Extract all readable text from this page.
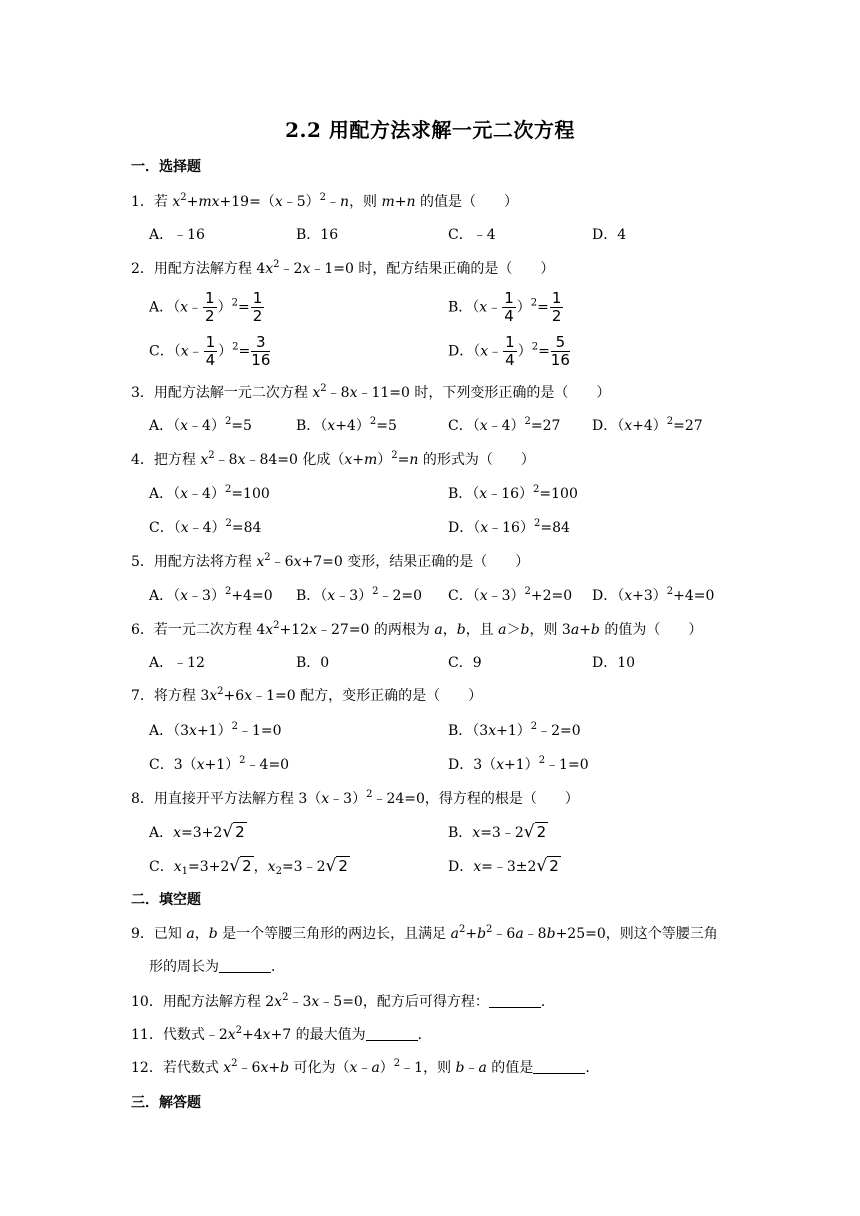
2.2 用配方法求解一元二次方程
一．选择题
1．若 $x^2+mx+19=(x﹣5)^2﹣n$，则 m+n 的值是（　　）
A．﹣16	B．16	C．﹣4	D．4
2．用配方法解方程 $4x^2﹣2x﹣1=0$ 时，配方结果正确的是（　　）
A．（x﹣ $\frac{1}{2} )^2= \frac{1}{2}$	B．（x﹣ $\frac{1}{4} )^2= \frac{1}{2}$
C．（x﹣ $\frac{1}{4} )^2= \frac{3}{16}$	D．（x﹣ $\frac{1}{4} )^2= \frac{5}{16}$
3．用配方法解一元二次方程 $x^2﹣8x﹣11=0$ 时，下列变形正确的是（　　）
A．（x﹣4）$^2$=5	B．$(x+4)^2=5$	C．（x﹣4）$^2$=27 D．$(x+4)^2=27$
4．把方程 $x^2﹣8x﹣84=0$ 化成$(x+m)^2=n$ 的形式为（　　）
A．（x﹣4）$^2$=100	B．（x﹣16）$^2$=100
C．（x﹣4）$^2$=84	D．（x﹣16）$^2$=84
5．用配方法将方程 $x^2﹣6x+7=0$ 变形，结果正确的是（　　）
A．（x﹣3）$^2$+4=0 B．（x﹣3）$^2$﹣2=0 C．（x﹣3）$^2$+2=0 D．$(x+3)^2+4=0$
6．若一元二次方程 $4x^2+12x﹣27=0$ 的两根为 a，b，且 a＞b，则 3a+b 的值为（　　）
A．﹣12	B．0	C．9	D．10
7．将方程 $3x^2+6x﹣1=0$ 配方，变形正确的是（　　）
A．$(3x+1)^2﹣1=0$	B．$(3x+1)^2﹣2=0$
C．$3(x+1)^2﹣4=0$	D．$3(x+1)^2﹣1=0$
8．用直接开平方法解方程 3（x﹣3）$^2$﹣24=0，得方程的根是（　　）
A．x=3+2√ 2	B．x=3﹣2√ 2
C．$x_1=3+2√$ 2 ，$x_2=3﹣2√$ 2	D．x=﹣3±2√ 2
二．填空题
9．已知 a，b 是一个等腰三角形的两边长，且满足 $a^2+b^2﹣6a﹣8b+25=0$，则这个等腰三角
形的周长为	．
10．用配方法解方程 $2x^2﹣3x﹣5=0$，配方后可得方程：	．
11．代数式$﹣2x^2+4x+7$ 的最大值为	．
12．若代数式 $x^2﹣6x+b$ 可化为（x﹣a）$^2$﹣1，则 b﹣a 的值是	．
三．解答题
